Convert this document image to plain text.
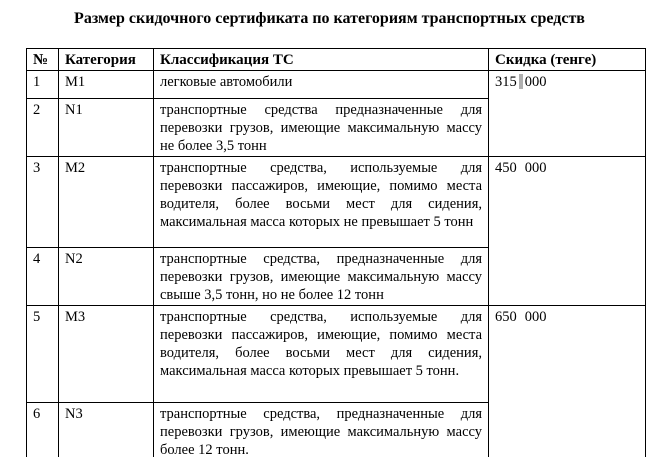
Размер скидочного сертификата по категориям транспортных средств
№	Категория	Классификация ТС	Скидка (тенге)
1	M1	легковые автомобили	315 000
2	N1	транспортные средства предназначенные для перевозки грузов, имеющие максимальную массу не более 3,5 тонн	
3	M2	транспортные средства, используемые для перевозки пассажиров, имеющие, помимо места водителя, более восьми мест для сидения, максимальная масса которых не превышает 5 тонн	450 000
4	N2	транспортные средства, предназначенные для перевозки грузов, имеющие максимальную массу свыше 3,5 тонн, но не более 12 тонн	
5	M3	транспортные средства, используемые для перевозки пассажиров, имеющие, помимо места водителя, более восьми мест для сидения, максимальная масса которых превышает 5 тонн.	650 000
6	N3	транспортные средства, предназначенные для перевозки грузов, имеющие максимальную массу более 12 тонн.	
